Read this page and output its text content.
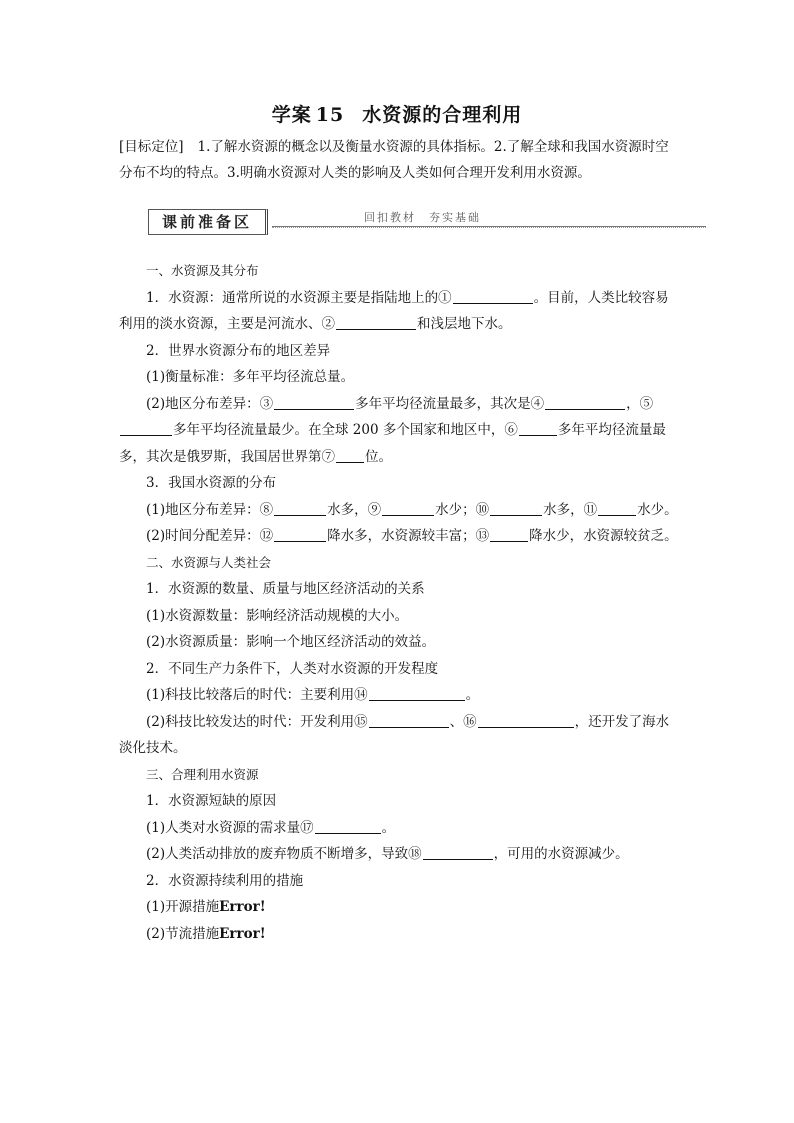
学案 15 水资源的合理利用
[目标定位] 1.了解水资源的概念以及衡量水资源的具体指标。2.了解全球和我国水资源时空分布不均的特点。3.明确水资源对人类的影响及人类如何合理开发利用水资源。
课前准备区	回扣教材　夯实基础

一、水资源及其分布

1．水资源：通常所说的水资源主要是指陆地上的①	。目前，人类比较容易利用的淡水资源，主要是河流水、②	和浅层地下水。

2．世界水资源分布的地区差异

(1)衡量标准：多年平均径流总量。

(2)地区分布差异：③	多年平均径流量最多，其次是④	，⑤多年平均径流量最少。在全球 200 多个国家和地区中，⑥	多年平均径流量最多，其次是俄罗斯，我国居世界第⑦ 位。

3．我国水资源的分布

(1)地区分布差异：⑧	水多，⑨	水少；⑩	水多，⑪	水少。

(2)时间分配差异：⑫	降水多，水资源较丰富；⑬	降水少，水资源较贫乏。

二、水资源与人类社会

1．水资源的数量、质量与地区经济活动的关系

(1)水资源数量：影响经济活动规模的大小。

(2)水资源质量：影响一个地区经济活动的效益。

2．不同生产力条件下，人类对水资源的开发程度

(1)科技比较落后的时代：主要利用⑭	。

(2)科技比较发达的时代：开发利用⑮	、⑯	，还开发了海水淡化技术。

三、合理利用水资源

1．水资源短缺的原因

(1)人类对水资源的需求量⑰	。

(2)人类活动排放的废弃物质不断增多，导致⑱	，可用的水资源减少。

2．水资源持续利用的措施

(1)开源措施Error!

(2)节流措施Error!
